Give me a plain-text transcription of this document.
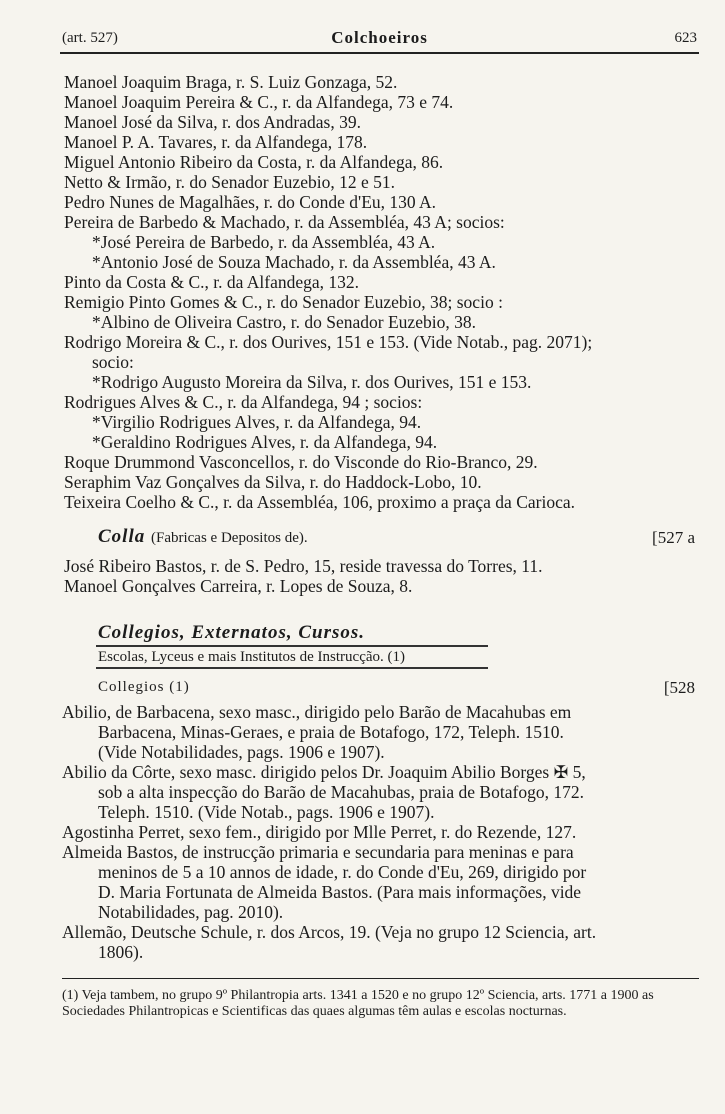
(art. 527)	Colchoeiros	623
Manoel Joaquim Braga, r. S. Luiz Gonzaga, 52.
Manoel Joaquim Pereira & C., r. da Alfandega, 73 e 74.
Manoel José da Silva, r. dos Andradas, 39.
Manoel P. A. Tavares, r. da Alfandega, 178.
Miguel Antonio Ribeiro da Costa, r. da Alfandega, 86.
Netto & Irmão, r. do Senador Euzebio, 12 e 51.
Pedro Nunes de Magalhães, r. do Conde d'Eu, 130 A.
Pereira de Barbedo & Machado, r. da Assembléa, 43 A; socios:
*José Pereira de Barbedo, r. da Assembléa, 43 A.
*Antonio José de Souza Machado, r. da Assembléa, 43 A.
Pinto da Costa & C., r. da Alfandega, 132.
Remigio Pinto Gomes & C., r. do Senador Euzebio, 38; socio :
*Albino de Oliveira Castro, r. do Senador Euzebio, 38.
Rodrigo Moreira & C., r. dos Ourives, 151 e 153. (Vide Notab., pag. 2071);
socio:
*Rodrigo Augusto Moreira da Silva, r. dos Ourives, 151 e 153.
Rodrigues Alves & C., r. da Alfandega, 94 ; socios:
*Virgilio Rodrigues Alves, r. da Alfandega, 94.
*Geraldino Rodrigues Alves, r. da Alfandega, 94.
Roque Drummond Vasconcellos, r. do Visconde do Rio-Branco, 29.
Seraphim Vaz Gonçalves da Silva, r. do Haddock-Lobo, 10.
Teixeira Coelho & C., r. da Assembléa, 106, proximo a praça da Carioca.
Colla (Fabricas e Depositos de).	[527 a
José Ribeiro Bastos, r. de S. Pedro, 15, reside travessa do Torres, 11.
Manoel Gonçalves Carreira, r. Lopes de Souza, 8.
Collegios, Externatos, Cursos.
Escolas, Lyceus e mais Institutos de Instrucção. (1)
Collegios (1)	[528
Abilio, de Barbacena, sexo masc., dirigido pelo Barão de Macahubas em
Barbacena, Minas-Geraes, e praia de Botafogo, 172, Teleph. 1510.
(Vide Notabilidades, pags. 1906 e 1907).
Abilio da Côrte, sexo masc. dirigido pelos Dr. Joaquim Abilio Borges ✠ 5,
sob a alta inspecção do Barão de Macahubas, praia de Botafogo, 172.
Teleph. 1510. (Vide Notab., pags. 1906 e 1907).
Agostinha Perret, sexo fem., dirigido por Mlle Perret, r. do Rezende, 127.
Almeida Bastos, de instrucção primaria e secundaria para meninas e para
meninos de 5 a 10 annos de idade, r. do Conde d'Eu, 269, dirigido por
D. Maria Fortunata de Almeida Bastos. (Para mais informações, vide
Notabilidades, pag. 2010).
Allemão, Deutsche Schule, r. dos Arcos, 19. (Veja no grupo 12 Sciencia, art.
1806).
(1) Veja tambem, no grupo 9º Philantropia arts. 1341 a 1520 e no grupo 12º Sciencia, arts. 1771 a 1900 as Sociedades Philantropicas e Scientificas das quaes algumas têm aulas e escolas nocturnas.
